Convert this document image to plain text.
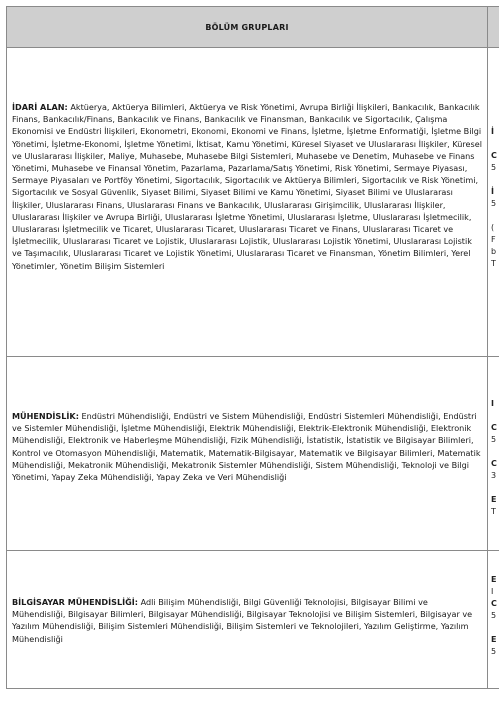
BÖLÜM GRUPLARI
İDARİ ALAN: Aktüerya, Aktüerya Bilimleri, Aktüerya ve Risk Yönetimi, Avrupa Birliği İlişkileri, Bankacılık, Bankacılık Finans, Bankacılık/Finans, Bankacılık ve Finans, Bankacılık ve Finansman, Bankacılık ve Sigortacılık, Çalışma Ekonomisi ve Endüstri İlişkileri, Ekonometri, Ekonomi, Ekonomi ve Finans, İşletme, İşletme Enformatiği, İşletme Bilgi Yönetimi, İşletme-Ekonomi, İşletme Yönetimi, İktisat, Kamu Yönetimi, Küresel Siyaset ve Uluslararası İlişkiler, Küresel ve Uluslararası İlişkiler, Maliye, Muhasebe, Muhasebe Bilgi Sistemleri, Muhasebe ve Denetim, Muhasebe ve Finans Yönetimi, Muhasebe ve Finansal Yönetim, Pazarlama, Pazarlama/Satış Yönetimi, Risk Yönetimi, Sermaye Piyasası, Sermaye Piyasaları ve Portföy Yönetimi, Sigortacılık, Sigortacılık ve Aktüerya Bilimleri, Sigortacılık ve Risk Yönetimi, Sigortacılık ve Sosyal Güvenlik, Siyaset Bilimi, Siyaset Bilimi ve Kamu Yönetimi, Siyaset Bilimi ve Uluslararası İlişkiler, Uluslararası Finans, Uluslararası Finans ve Bankacılık, Uluslararası Girişimcilik, Uluslararası İlişkiler, Uluslararası İlişkiler ve Avrupa Birliği, Uluslararası İşletme Yönetimi, Uluslararası İşletme, Uluslararası İşletmecilik, Uluslararası İşletmecilik ve Ticaret, Uluslararası Ticaret, Uluslararası Ticaret ve Finans, Uluslararası Ticaret ve İşletmecilik, Uluslararası Ticaret ve Lojistik, Uluslararası Lojistik, Uluslararası Lojistik Yönetimi, Uluslararası Lojistik ve Taşımacılık, Uluslararası Ticaret ve Lojistik Yönetimi, Uluslararası Ticaret ve Finansman, Yönetim Bilimleri, Yerel Yönetimler, Yönetim Bilişim Sistemleri
MÜHENDİSLİK: Endüstri Mühendisliği, Endüstri ve Sistem Mühendisliği, Endüstri Sistemleri Mühendisliği, Endüstri ve Sistemler Mühendisliği, İşletme Mühendisliği, Elektrik Mühendisliği, Elektrik-Elektronik Mühendisliği, Elektronik Mühendisliği, Elektronik ve Haberleşme Mühendisliği, Fizik Mühendisliği, İstatistik, İstatistik ve Bilgisayar Bilimleri, Kontrol ve Otomasyon Mühendisliği, Matematik, Matematik-Bilgisayar, Matematik ve Bilgisayar Bilimleri, Matematik Mühendisliği, Mekatronik Mühendisliği, Mekatronik Sistemler Mühendisliği, Sistem Mühendisliği, Teknoloji ve Bilgi Yönetimi, Yapay Zeka Mühendisliği, Yapay Zeka ve Veri Mühendisliği
BİLGİSAYAR MÜHENDİSLİĞİ: Adli Bilişim Mühendisliği, Bilgi Güvenliği Teknolojisi, Bilgisayar Bilimi ve Mühendisliği, Bilgisayar Bilimleri, Bilgisayar Mühendisliği, Bilgisayar Teknolojisi ve Bilişim Sistemleri, Bilgisayar ve Yazılım Mühendisliği, Bilişim Sistemleri Mühendisliği, Bilişim Sistemleri ve Teknolojileri, Yazılım Geliştirme, Yazılım Mühendisliği
İ

C
5

İ
5

(
F
b
T
I

C
5

C
3

E
T
E
I
C
5

E
5
